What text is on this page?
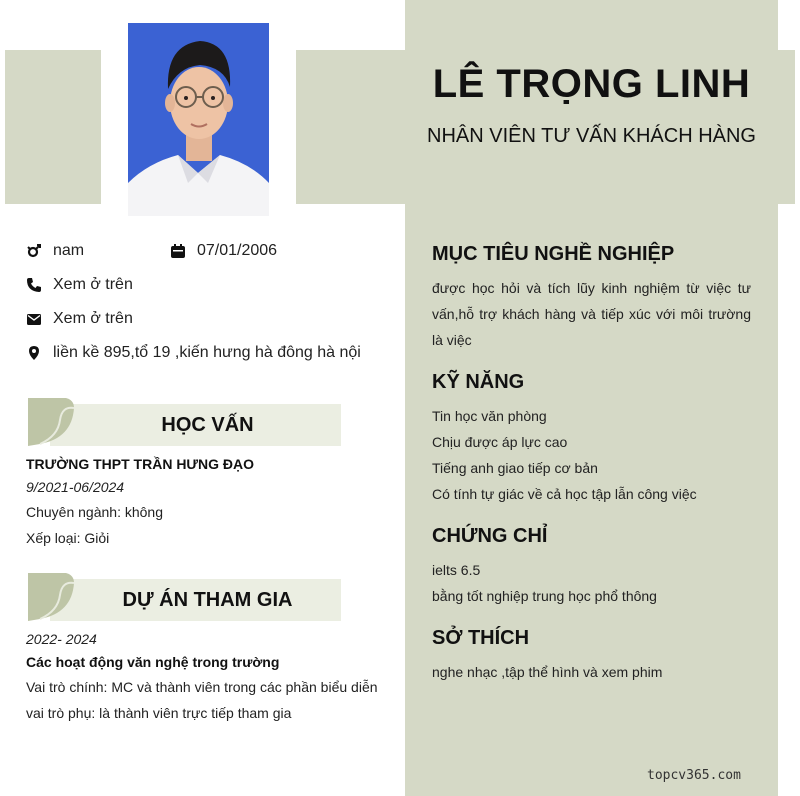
LÊ TRỌNG LINH
NHÂN VIÊN TƯ VẤN KHÁCH HÀNG
nam	07/01/2006
Xem ở trên
Xem ở trên
liền kề 895,tổ 19 ,kiến hưng hà đông hà nội
HỌC VẤN
TRƯỜNG THPT TRẦN HƯNG ĐẠO
9/2021-06/2024
Chuyên ngành: không
Xếp loại: Giỏi
DỰ ÁN THAM GIA
2022- 2024
Các hoạt động văn nghệ trong trường
Vai trò chính: MC và thành viên trong các phần biểu diễn
vai trò phụ: là thành viên trực tiếp tham gia
MỤC TIÊU NGHỀ NGHIỆP
được học hỏi và tích lũy kinh nghiệm từ việc tư vấn,hỗ trợ khách hàng và tiếp xúc với môi trường là việc
KỸ NĂNG
Tin học văn phòng
Chịu được áp lực cao
Tiếng anh giao tiếp cơ bản
Có tính tự giác về cả học tập lẫn công việc
CHỨNG CHỈ
ielts 6.5
bằng tốt nghiệp trung học phổ thông
SỞ THÍCH
nghe nhạc ,tập thể hình và xem phim
topcv365.com
